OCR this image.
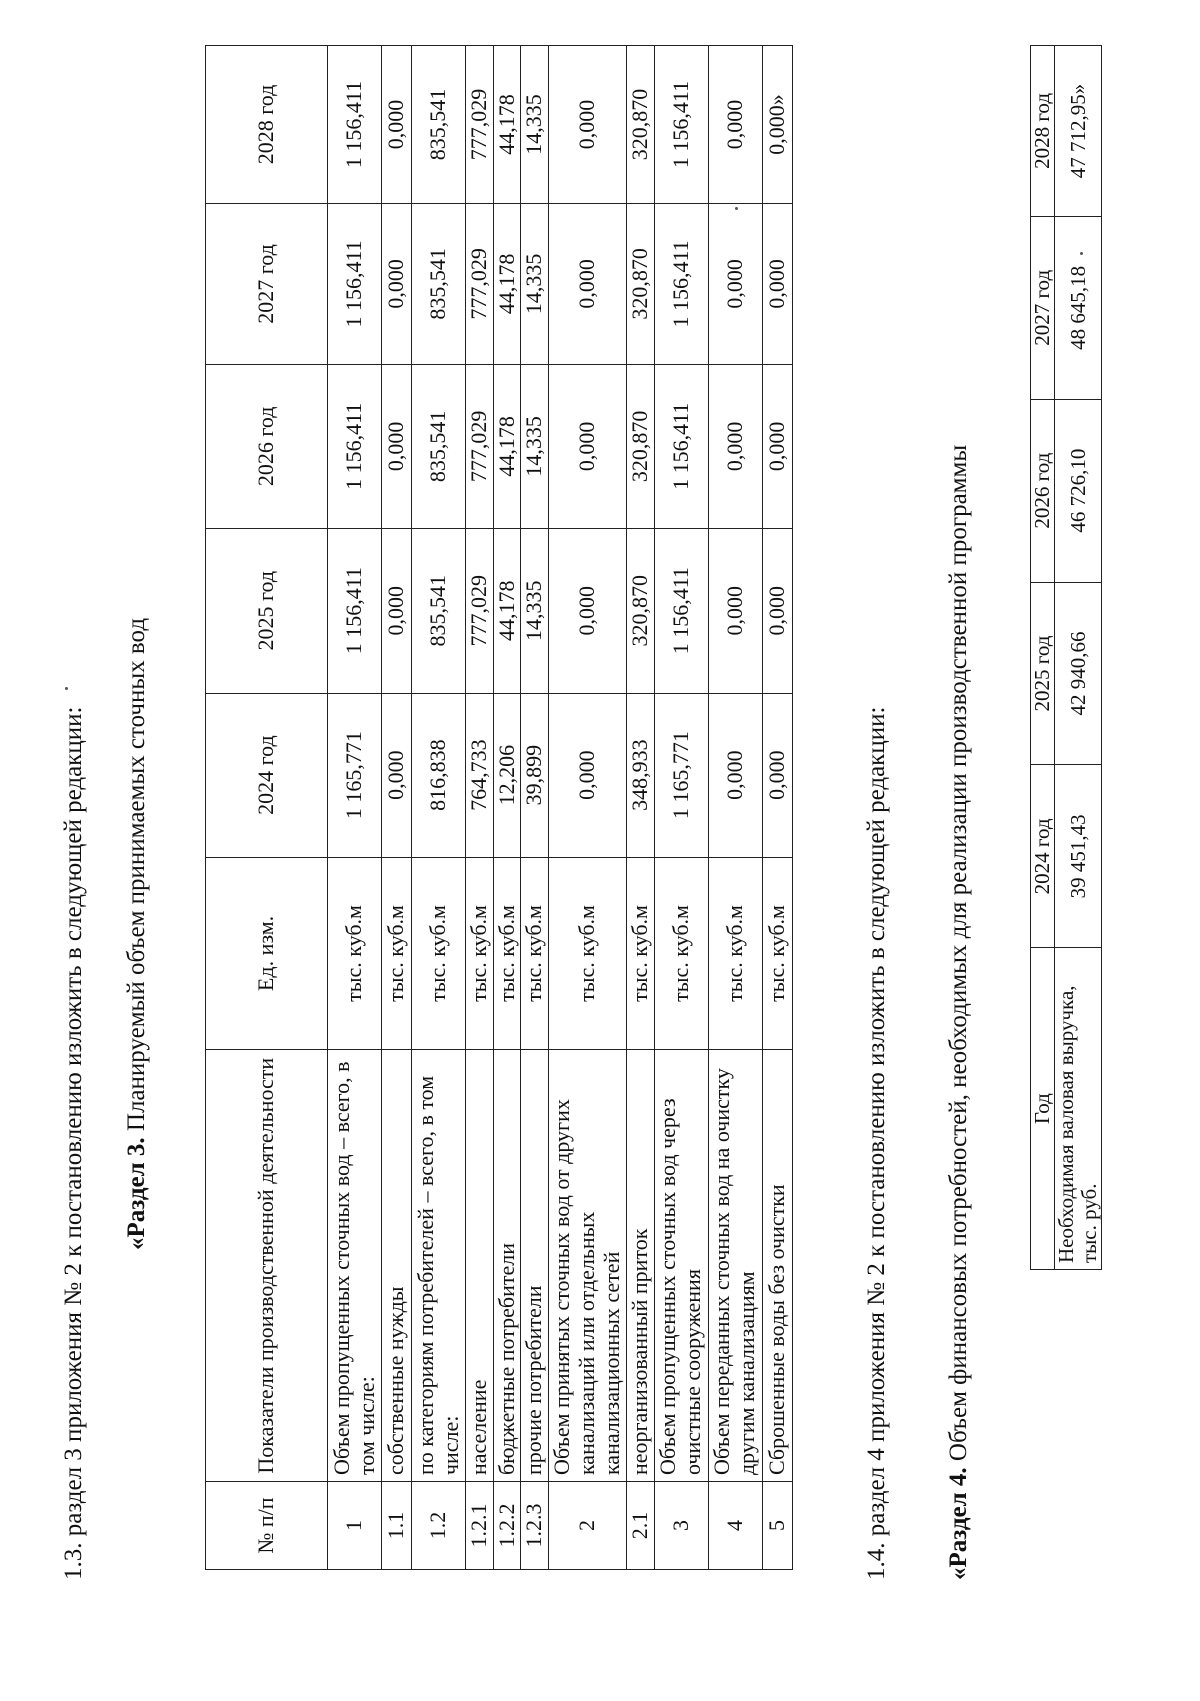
1.3. раздел 3 приложения № 2 к постановлению изложить в следующей редакции: «Раздел 3. Планируемый объем принимаемых сточных вод
№ п/п	Показатели производственной деятельности	Ед. изм.	2024 год	2025 год	2026 год	2027 год	2028 год
1	Объем пропущенных сточных вод – всего, в том числе:	тыс. куб.м	1 165,771	1 156,411	1 156,411	1 156,411	1 156,411
1.1	собственные нужды	тыс. куб.м	0,000	0,000	0,000	0,000	0,000
1.2	по категориям потребителей – всего, в том числе:	тыс. куб.м	816,838	835,541	835,541	835,541	835,541
1.2.1	население	тыс. куб.м	764,733	777,029	777,029	777,029	777,029
1.2.2	бюджетные потребители	тыс. куб.м	12,206	44,178	44,178	44,178	44,178
1.2.3	прочие потребители	тыс. куб.м	39,899	14,335	14,335	14,335	14,335
2	Объем принятых сточных вод от других канализаций или отдельных канализационных сетей	тыс. куб.м	0,000	0,000	0,000	0,000	0,000
2.1	неорганизованный приток	тыс. куб.м	348,933	320,870	320,870	320,870	320,870
3	Объем пропущенных сточных вод через очистные сооружения	тыс. куб.м	1 165,771	1 156,411	1 156,411	1 156,411	1 156,411
4	Объем переданных сточных вод на очистку другим канализациям	тыс. куб.м	0,000	0,000	0,000	0,000	0,000
5	Сброшенные воды без очистки	тыс. куб.м	0,000	0,000	0,000	0,000	0,000»
1.4. раздел 4 приложения № 2 к постановлению изложить в следующей редакции: «Раздел 4. Объем финансовых потребностей, необходимых для реализации производственной программы	Год	2024 год	2025 год	2026 год	2027 год	2028 год
Необходимая валовая выручка, тыс. руб.	39 451,43	42 940,66	46 726,10	48 645,18	47 712,95»
